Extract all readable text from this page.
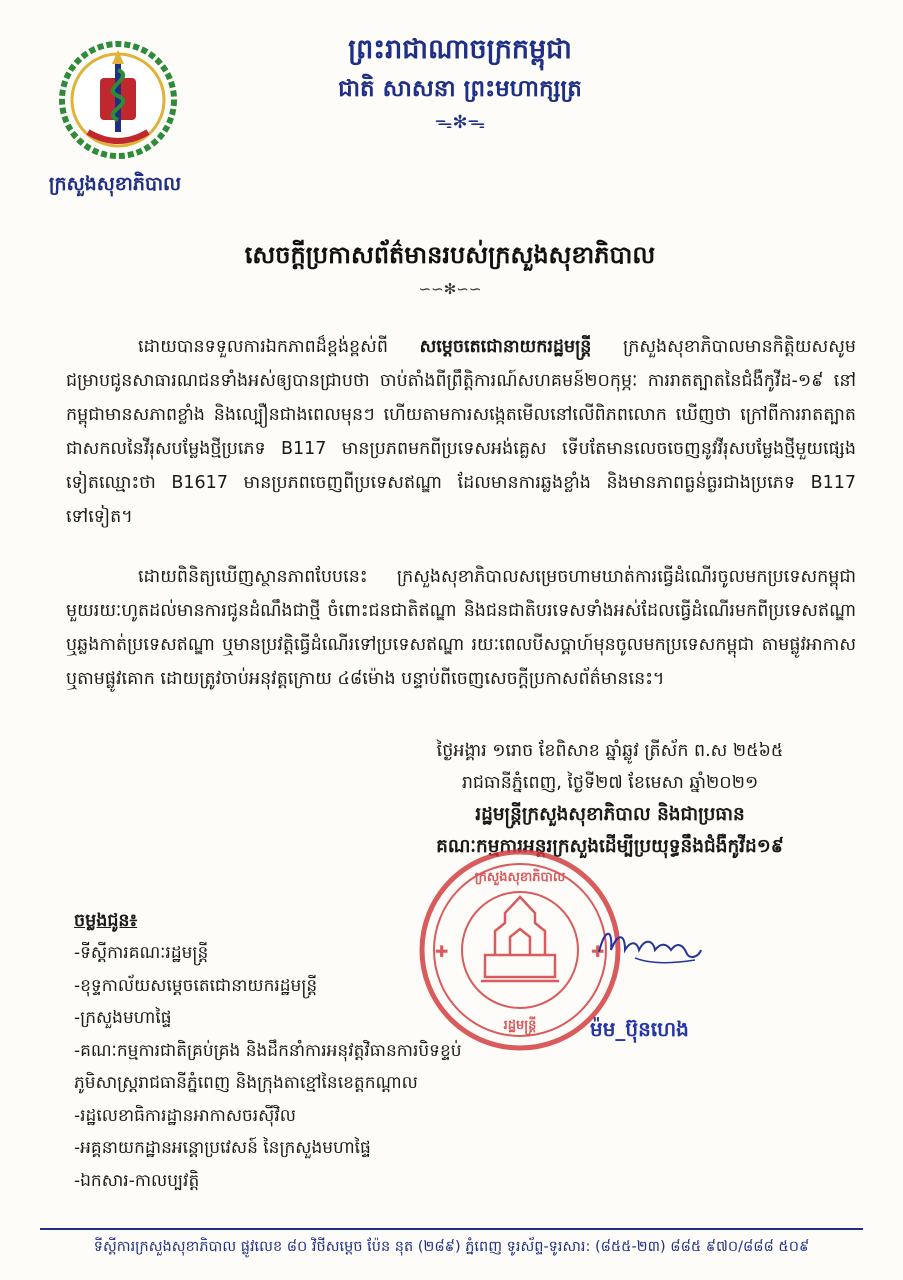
ក្រសួងសុខាភិបាល
ព្រះរាជាណាចក្រកម្ពុជា
ជាតិ សាសនា ព្រះមហាក្សត្រ
ᯓ✻ᯓ
សេចក្តីប្រកាសព័ត៌មានរបស់ក្រសួងសុខាភិបាល
∽∽✻∽∽
ដោយបានទទួលការឯកភាពដ៏ខ្ពង់ខ្ពស់ពី សម្តេចតេជោនាយករដ្ឋមន្ត្រី ក្រសួងសុខាភិបាលមានកិត្តិយសសូមជម្រាបជូនសាធារណជនទាំងអស់ឲ្យបានជ្រាបថា ចាប់តាំងពីព្រឹត្តិការណ៍សហគមន៍២០កុម្ភៈ ការរាតត្បាតនៃជំងឺកូវីដ-១៩ នៅកម្ពុជាមានសភាពខ្លាំង និងល្បឿនជាងពេលមុនៗ ហើយតាមការសង្កេតមើលនៅលើពិភពលោក ឃើញថា ក្រៅពីការរាតត្បាតជាសកលនៃវីរុសបម្លែងថ្មីប្រភេទ B117 មានប្រភពមកពីប្រទេសអង់គ្លេស ទើបតែមានលេចចេញនូវវីរុសបម្លែងថ្មីមួយផ្សេងទៀតឈ្មោះថា B1617 មានប្រភពចេញពីប្រទេសឥណ្ឌា ដែលមានការឆ្លងខ្លាំង និងមានភាពធ្ងន់ធ្ងរជាងប្រភេទ B117 ទៅទៀត។
ដោយពិនិត្យឃើញស្ថានភាពបែបនេះ ក្រសួងសុខាភិបាលសម្រេចហាមឃាត់ការធ្វើដំណើរចូលមកប្រទេសកម្ពុជាមួយរយៈហូតដល់មានការជូនដំណឹងជាថ្មី ចំពោះជនជាតិឥណ្ឌា និងជនជាតិបរទេសទាំងអស់ដែលធ្វើដំណើរមកពីប្រទេសឥណ្ឌា ឬឆ្លងកាត់ប្រទេសឥណ្ឌា ឬមានប្រវត្តិធ្វើដំណើរទៅប្រទេសឥណ្ឌា រយៈពេលបីសប្តាហ៍មុនចូលមកប្រទេសកម្ពុជា តាមផ្លូវអាកាស ឬតាមផ្លូវគោក ដោយត្រូវចាប់អនុវត្តក្រោយ ៤៨ម៉ោង បន្ទាប់ពីចេញសេចក្តីប្រកាសព័ត៌មាននេះ។
ថ្ងៃអង្គារ ១រោច ខែពិសាខ ឆ្នាំឆ្លូវ ត្រីស័ក ព.ស ២៥៦៥
រាជធានីភ្នំពេញ, ថ្ងៃទី២៧ ខែមេសា ឆ្នាំ២០២១
រដ្ឋមន្ត្រីក្រសួងសុខាភិបាល និងជាប្រធាន
គណៈកម្មការអន្តរក្រសួងដើម្បីប្រយុទ្ធនឹងជំងឺកូវីដ១៩
✚	✚
ក្រសួងសុខាភិបាល
រដ្ឋមន្ត្រី	ម៉ម_ប៊ុនហេង
ចម្លងជូន៖
-ទីស្តីការគណៈរដ្ឋមន្ត្រី
-ខុទ្ទកាល័យសម្តេចតេជោនាយករដ្ឋមន្ត្រី
-ក្រសួងមហាផ្ទៃ
-គណៈកម្មការជាតិគ្រប់គ្រង និងដឹកនាំការអនុវត្តវិធានការបិទខ្ទប់
ភូមិសាស្ត្ររាជធានីភ្នំពេញ និងក្រុងតាខ្មៅនៃខេត្តកណ្តាល
-រដ្ឋលេខាធិការដ្ឋានអាកាសចរស៊ីវិល
-អគ្គនាយកដ្ឋានអន្តោប្រវេសន៍ នៃក្រសួងមហាផ្ទៃ
-ឯកសារ-កាលប្បវត្តិ
ទីស្តីការក្រសួងសុខាភិបាល ផ្លូវលេខ ៨០ វិថីសម្តេច ប៉ែន នុត (២៨៩) ភ្នំពេញ ទូរស័ព្ទ-ទូរសារ: (៨៥៥-២៣) ៨៨៥ ៩៧០/៨៨៨ ៥០៩
